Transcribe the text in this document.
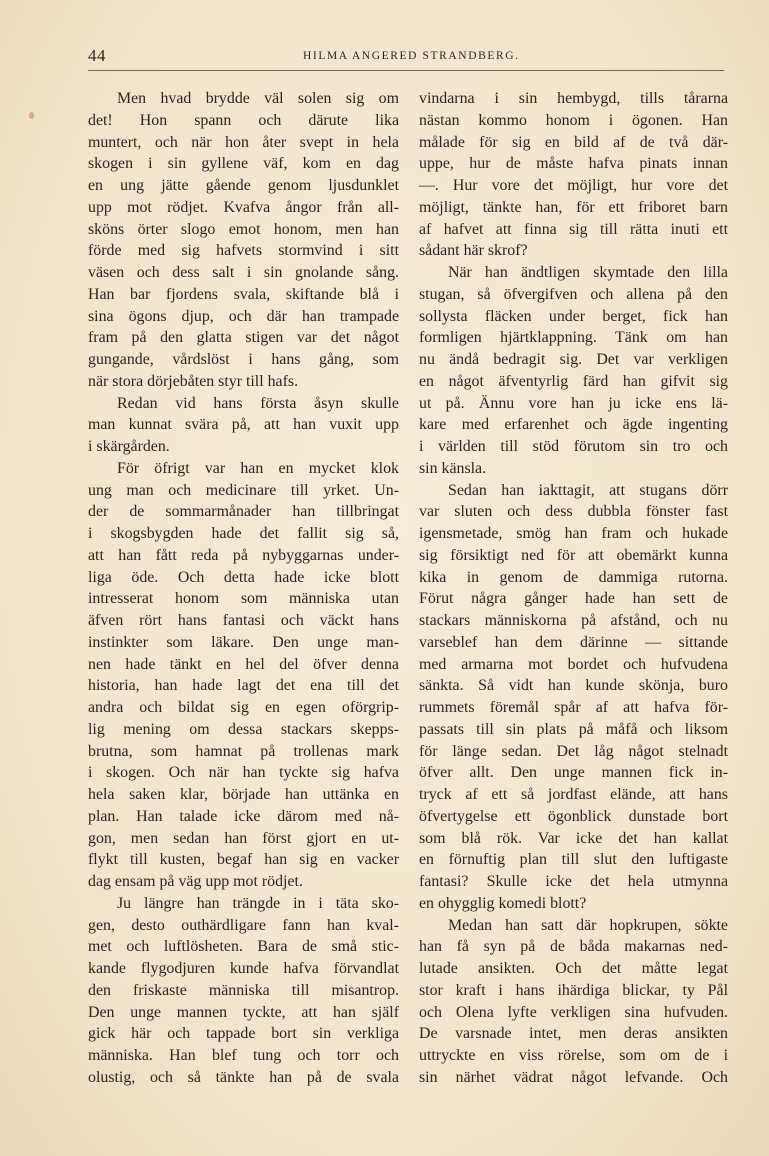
44	HILMA ANGERED STRANDBERG.
Men hvad brydde väl solen sig om
det! Hon spann och därute lika
muntert, och när hon åter svept in hela
skogen i sin gyllene väf, kom en dag
en ung jätte gående genom ljusdunklet
upp mot rödjet. Kvafva ångor från all-
sköns örter slogo emot honom, men han
förde med sig hafvets stormvind i sitt
väsen och dess salt i sin gnolande sång.
Han bar fjordens svala, skiftande blå i
sina ögons djup, och där han trampade
fram på den glatta stigen var det något
gungande, vårdslöst i hans gång, som
när stora dörjebåten styr till hafs.
Redan vid hans första åsyn skulle
man kunnat svära på, att han vuxit upp
i skärgården.
För öfrigt var han en mycket klok
ung man och medicinare till yrket. Un-
der de sommarmånader han tillbringat
i skogsbygden hade det fallit sig så,
att han fått reda på nybyggarnas under-
liga öde. Och detta hade icke blott
intresserat honom som människa utan
äfven rört hans fantasi och väckt hans
instinkter som läkare. Den unge man-
nen hade tänkt en hel del öfver denna
historia, han hade lagt det ena till det
andra och bildat sig en egen oförgrip-
lig mening om dessa stackars skepps-
brutna, som hamnat på trollenas mark
i skogen. Och när han tyckte sig hafva
hela saken klar, började han uttänka en
plan. Han talade icke därom med nå-
gon, men sedan han först gjort en ut-
flykt till kusten, begaf han sig en vacker
dag ensam på väg upp mot rödjet.
Ju längre han trängde in i täta sko-
gen, desto outhärdligare fann han kval-
met och luftlösheten. Bara de små stic-
kande flygodjuren kunde hafva förvandlat
den friskaste människa till misantrop.
Den unge mannen tyckte, att han själf
gick här och tappade bort sin verkliga
människa. Han blef tung och torr och
olustig, och så tänkte han på de svala
vindarna i sin hembygd, tills tårarna
nästan kommo honom i ögonen. Han
målade för sig en bild af de två där-
uppe, hur de måste hafva pinats innan
—. Hur vore det möjligt, hur vore det
möjligt, tänkte han, för ett friboret barn
af hafvet att finna sig till rätta inuti ett
sådant här skrof?
När han ändtligen skymtade den lilla
stugan, så öfvergifven och allena på den
sollysta fläcken under berget, fick han
formligen hjärtklappning. Tänk om han
nu ändå bedragit sig. Det var verkligen
en något äfventyrlig färd han gifvit sig
ut på. Ännu vore han ju icke ens lä-
kare med erfarenhet och ägde ingenting
i världen till stöd förutom sin tro och
sin känsla.
Sedan han iakttagit, att stugans dörr
var sluten och dess dubbla fönster fast
igensmetade, smög han fram och hukade
sig försiktigt ned för att obemärkt kunna
kika in genom de dammiga rutorna.
Förut några gånger hade han sett de
stackars människorna på afstånd, och nu
varseblef han dem därinne — sittande
med armarna mot bordet och hufvudena
sänkta. Så vidt han kunde skönja, buro
rummets föremål spår af att hafva för-
passats till sin plats på måfå och liksom
för länge sedan. Det låg något stelnadt
öfver allt. Den unge mannen fick in-
tryck af ett så jordfast elände, att hans
öfvertygelse ett ögonblick dunstade bort
som blå rök. Var icke det han kallat
en förnuftig plan till slut den luftigaste
fantasi? Skulle icke det hela utmynna
en ohygglig komedi blott?
Medan han satt där hopkrupen, sökte
han få syn på de båda makarnas ned-
lutade ansikten. Och det måtte legat
stor kraft i hans ihärdiga blickar, ty Pål
och Olena lyfte verkligen sina hufvuden.
De varsnade intet, men deras ansikten
uttryckte en viss rörelse, som om de i
sin närhet vädrat något lefvande. Och
